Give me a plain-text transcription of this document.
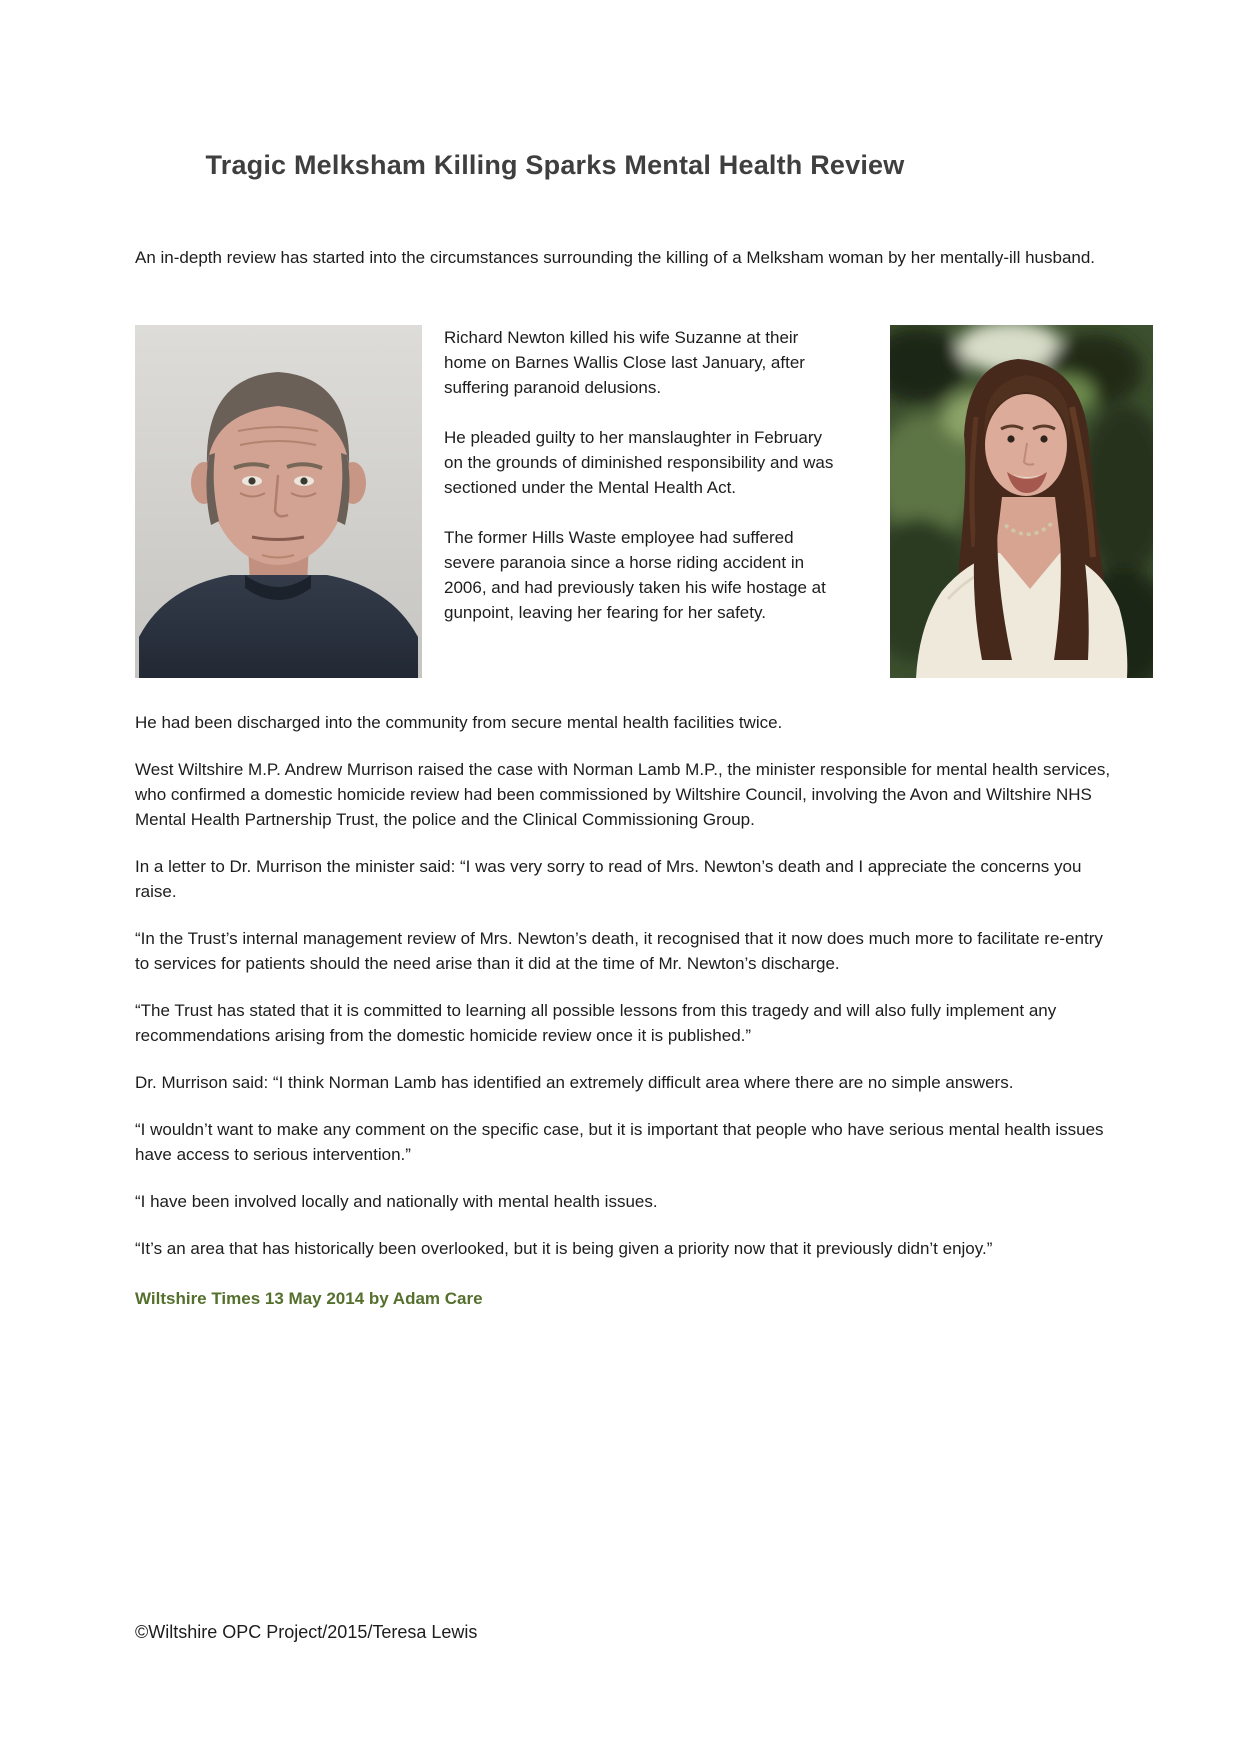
Tragic Melksham Killing Sparks Mental Health Review

An in-depth review has started into the circumstances surrounding the killing of a Melksham woman by her mentally-ill husband.

Richard Newton killed his wife Suzanne at their home on Barnes Wallis Close last January, after suffering paranoid delusions.

He pleaded guilty to her manslaughter in February on the grounds of diminished responsibility and was sectioned under the Mental Health Act.

The former Hills Waste employee had suffered severe paranoia since a horse riding accident in 2006, and had previously taken his wife hostage at gunpoint, leaving her fearing for her safety.

He had been discharged into the community from secure mental health facilities twice.

West Wiltshire M.P. Andrew Murrison raised the case with Norman Lamb M.P., the minister responsible for mental health services, who confirmed a domestic homicide review had been commissioned by Wiltshire Council, involving the Avon and Wiltshire NHS Mental Health Partnership Trust, the police and the Clinical Commissioning Group.

In a letter to Dr. Murrison the minister said: “I was very sorry to read of Mrs. Newton’s death and I appreciate the concerns you raise.

“In the Trust’s internal management review of Mrs. Newton’s death, it recognised that it now does much more to facilitate re-entry to services for patients should the need arise than it did at the time of Mr. Newton’s discharge.

“The Trust has stated that it is committed to learning all possible lessons from this tragedy and will also fully implement any recommendations arising from the domestic homicide review once it is published.”

Dr. Murrison said: “I think Norman Lamb has identified an extremely difficult area where there are no simple answers.

“I wouldn’t want to make any comment on the specific case, but it is important that people who have serious mental health issues have access to serious intervention.”

“I have been involved locally and nationally with mental health issues.

“It’s an area that has historically been overlooked, but it is being given a priority now that it previously didn’t enjoy.”

Wiltshire Times 13 May 2014 by Adam Care
©Wiltshire OPC Project/2015/Teresa Lewis
